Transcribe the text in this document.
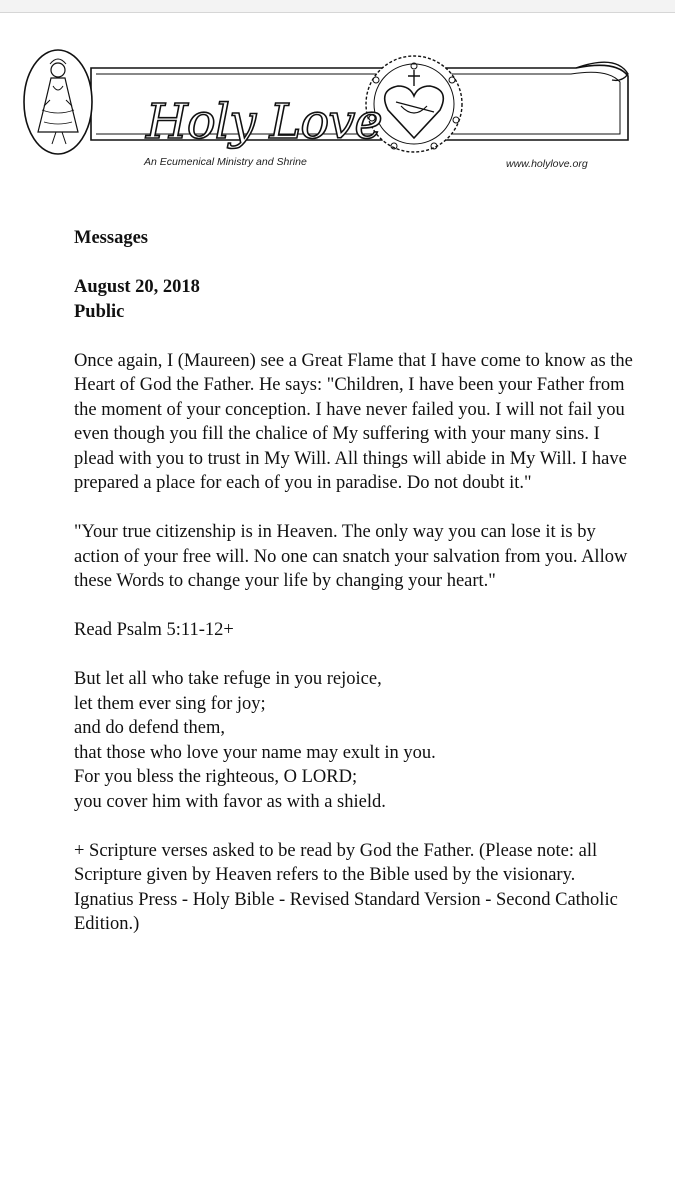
Holy Love
An Ecumenical Ministry and Shrine	www.holylove.org

Messages

August 20, 2018

Public

Once again, I (Maureen) see a Great Flame that I have come to know as the Heart of God the Father. He says: "Children, I have been your Father from the moment of your conception. I have never failed you. I will not fail you even though you fill the chalice of My suffering with your many sins. I plead with you to trust in My Will. All things will abide in My Will. I have prepared a place for each of you in paradise. Do not doubt it."

"Your true citizenship is in Heaven. The only way you can lose it is by action of your free will. No one can snatch your salvation from you. Allow these Words to change your life by changing your heart."

Read Psalm 5:11-12+

But let all who take refuge in you rejoice,

let them ever sing for joy;

and do defend them,

that those who love your name may exult in you.

For you bless the righteous, O LORD;

you cover him with favor as with a shield.

+ Scripture verses asked to be read by God the Father. (Please note: all Scripture given by Heaven refers to the Bible used by the visionary. Ignatius Press - Holy Bible - Revised Standard Version - Second Catholic Edition.)
